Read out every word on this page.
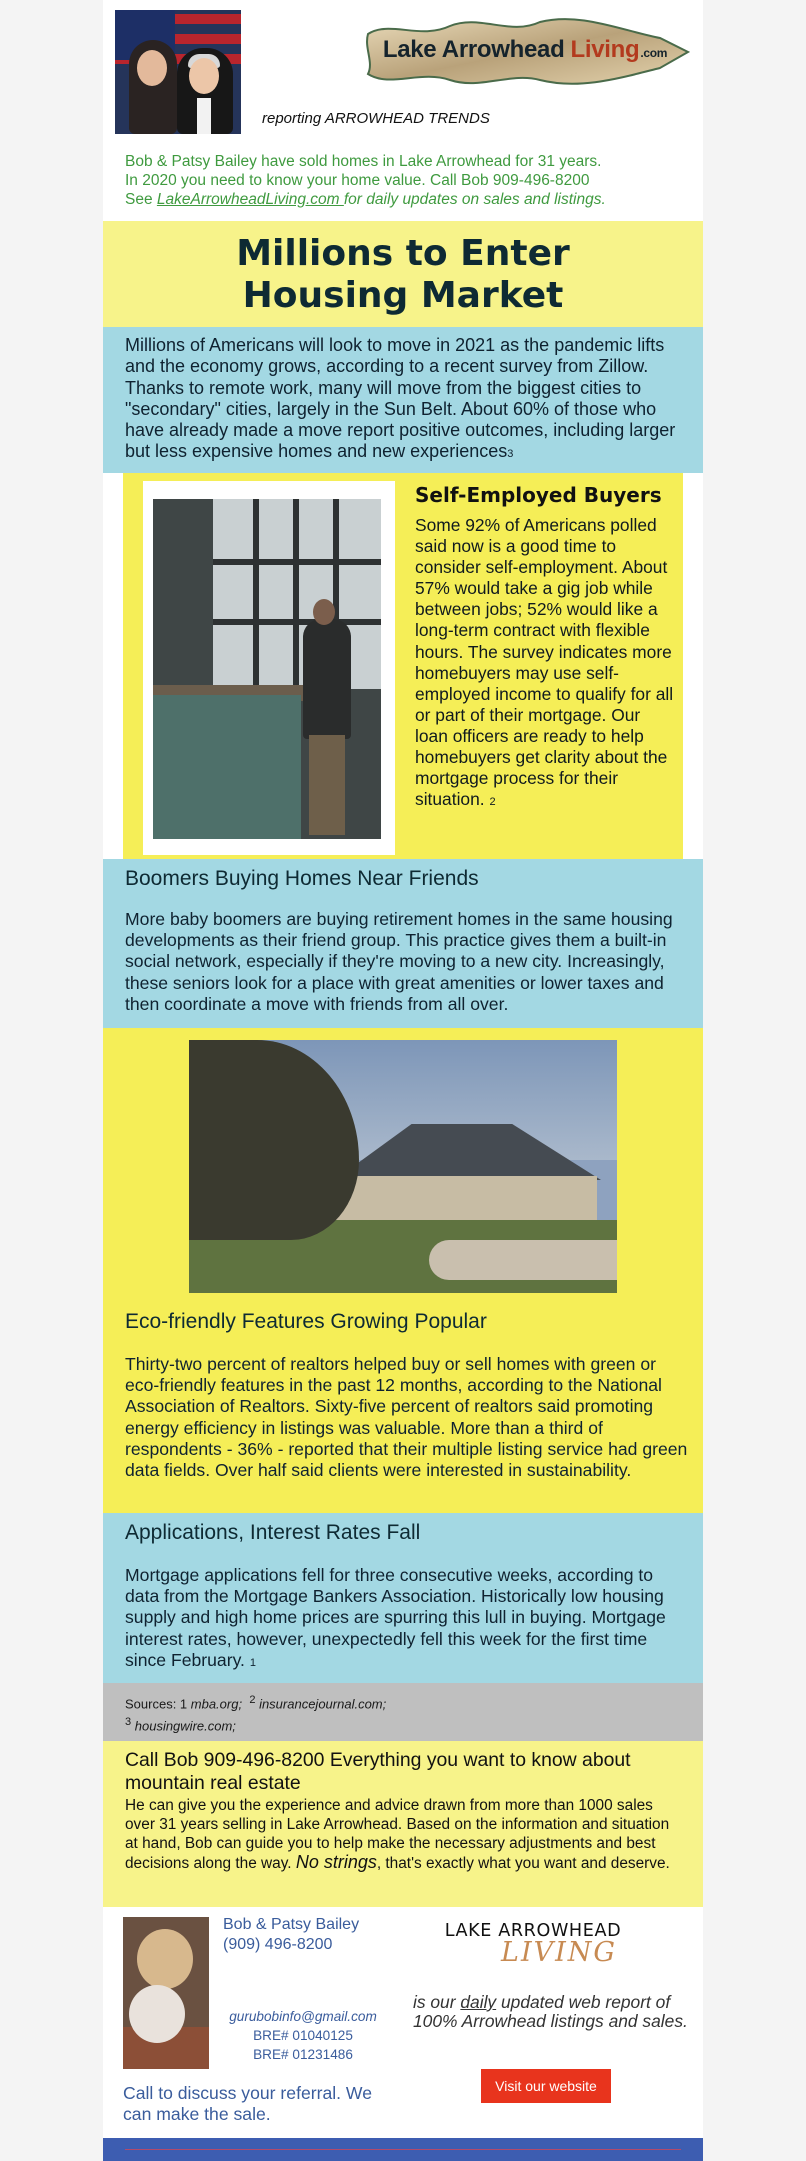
Lake Arrowhead Living .com
reporting ARROWHEAD TRENDS
Bob & Patsy Bailey have sold homes in Lake Arrowhead for 31 years.
In 2020 you need to know your home value. Call Bob 909-496-8200
See LakeArrowheadLiving.com for daily updates on sales and listings.
Millions to Enter
Housing Market
Millions of Americans will look to move in 2021 as the pandemic lifts and the economy grows, according to a recent survey from Zillow. Thanks to remote work, many will move from the biggest cities to "secondary" cities, largely in the Sun Belt. About 60% of those who have already made a move report positive outcomes, including larger but less expensive homes and new experiences3
Self-Employed Buyers
Some 92% of Americans polled said now is a good time to consider self-employment. About 57% would take a gig job while between jobs; 52% would like a long-term contract with flexible hours. The survey indicates more homebuyers may use self-employed income to qualify for all or part of their mortgage. Our loan officers are ready to help homebuyers get clarity about the mortgage process for their situation. 2
Boomers Buying Homes Near Friends
More baby boomers are buying retirement homes in the same housing developments as their friend group. This practice gives them a built-in social network, especially if they're moving to a new city. Increasingly, these seniors look for a place with great amenities or lower taxes and then coordinate a move with friends from all over.
Eco-friendly Features Growing Popular
Thirty-two percent of realtors helped buy or sell homes with green or eco-friendly features in the past 12 months, according to the National Association of Realtors. Sixty-five percent of realtors said promoting energy efficiency in listings was valuable. More than a third of respondents - 36% - reported that their multiple listing service had green data fields. Over half said clients were interested in sustainability.
Applications, Interest Rates Fall
Mortgage applications fell for three consecutive weeks, according to data from the Mortgage Bankers Association. Historically low housing supply and high home prices are spurring this lull in buying. Mortgage interest rates, however, unexpectedly fell this week for the first time since February. 1
Sources: 1 mba.org; $^2$ insurancejournal.com;
$^3$ housingwire.com;
Call Bob 909-496-8200 Everything you want to know about mountain real estate
He can give you the experience and advice drawn from more than 1000 sales over 31 years selling in Lake Arrowhead. Based on the information and situation at hand, Bob can guide you to help make the necessary adjustments and best decisions along the way. No strings, that's exactly what you want and deserve.
Bob & Patsy Bailey
(909) 496-8200
gurubobinfo@gmail.com
BRE# 01040125
BRE# 01231486
Call to discuss your referral. We can make the sale.
LAKE ARROWHEAD
LIVING
is our daily updated web report of 100% Arrowhead listings and sales.
Visit our website
